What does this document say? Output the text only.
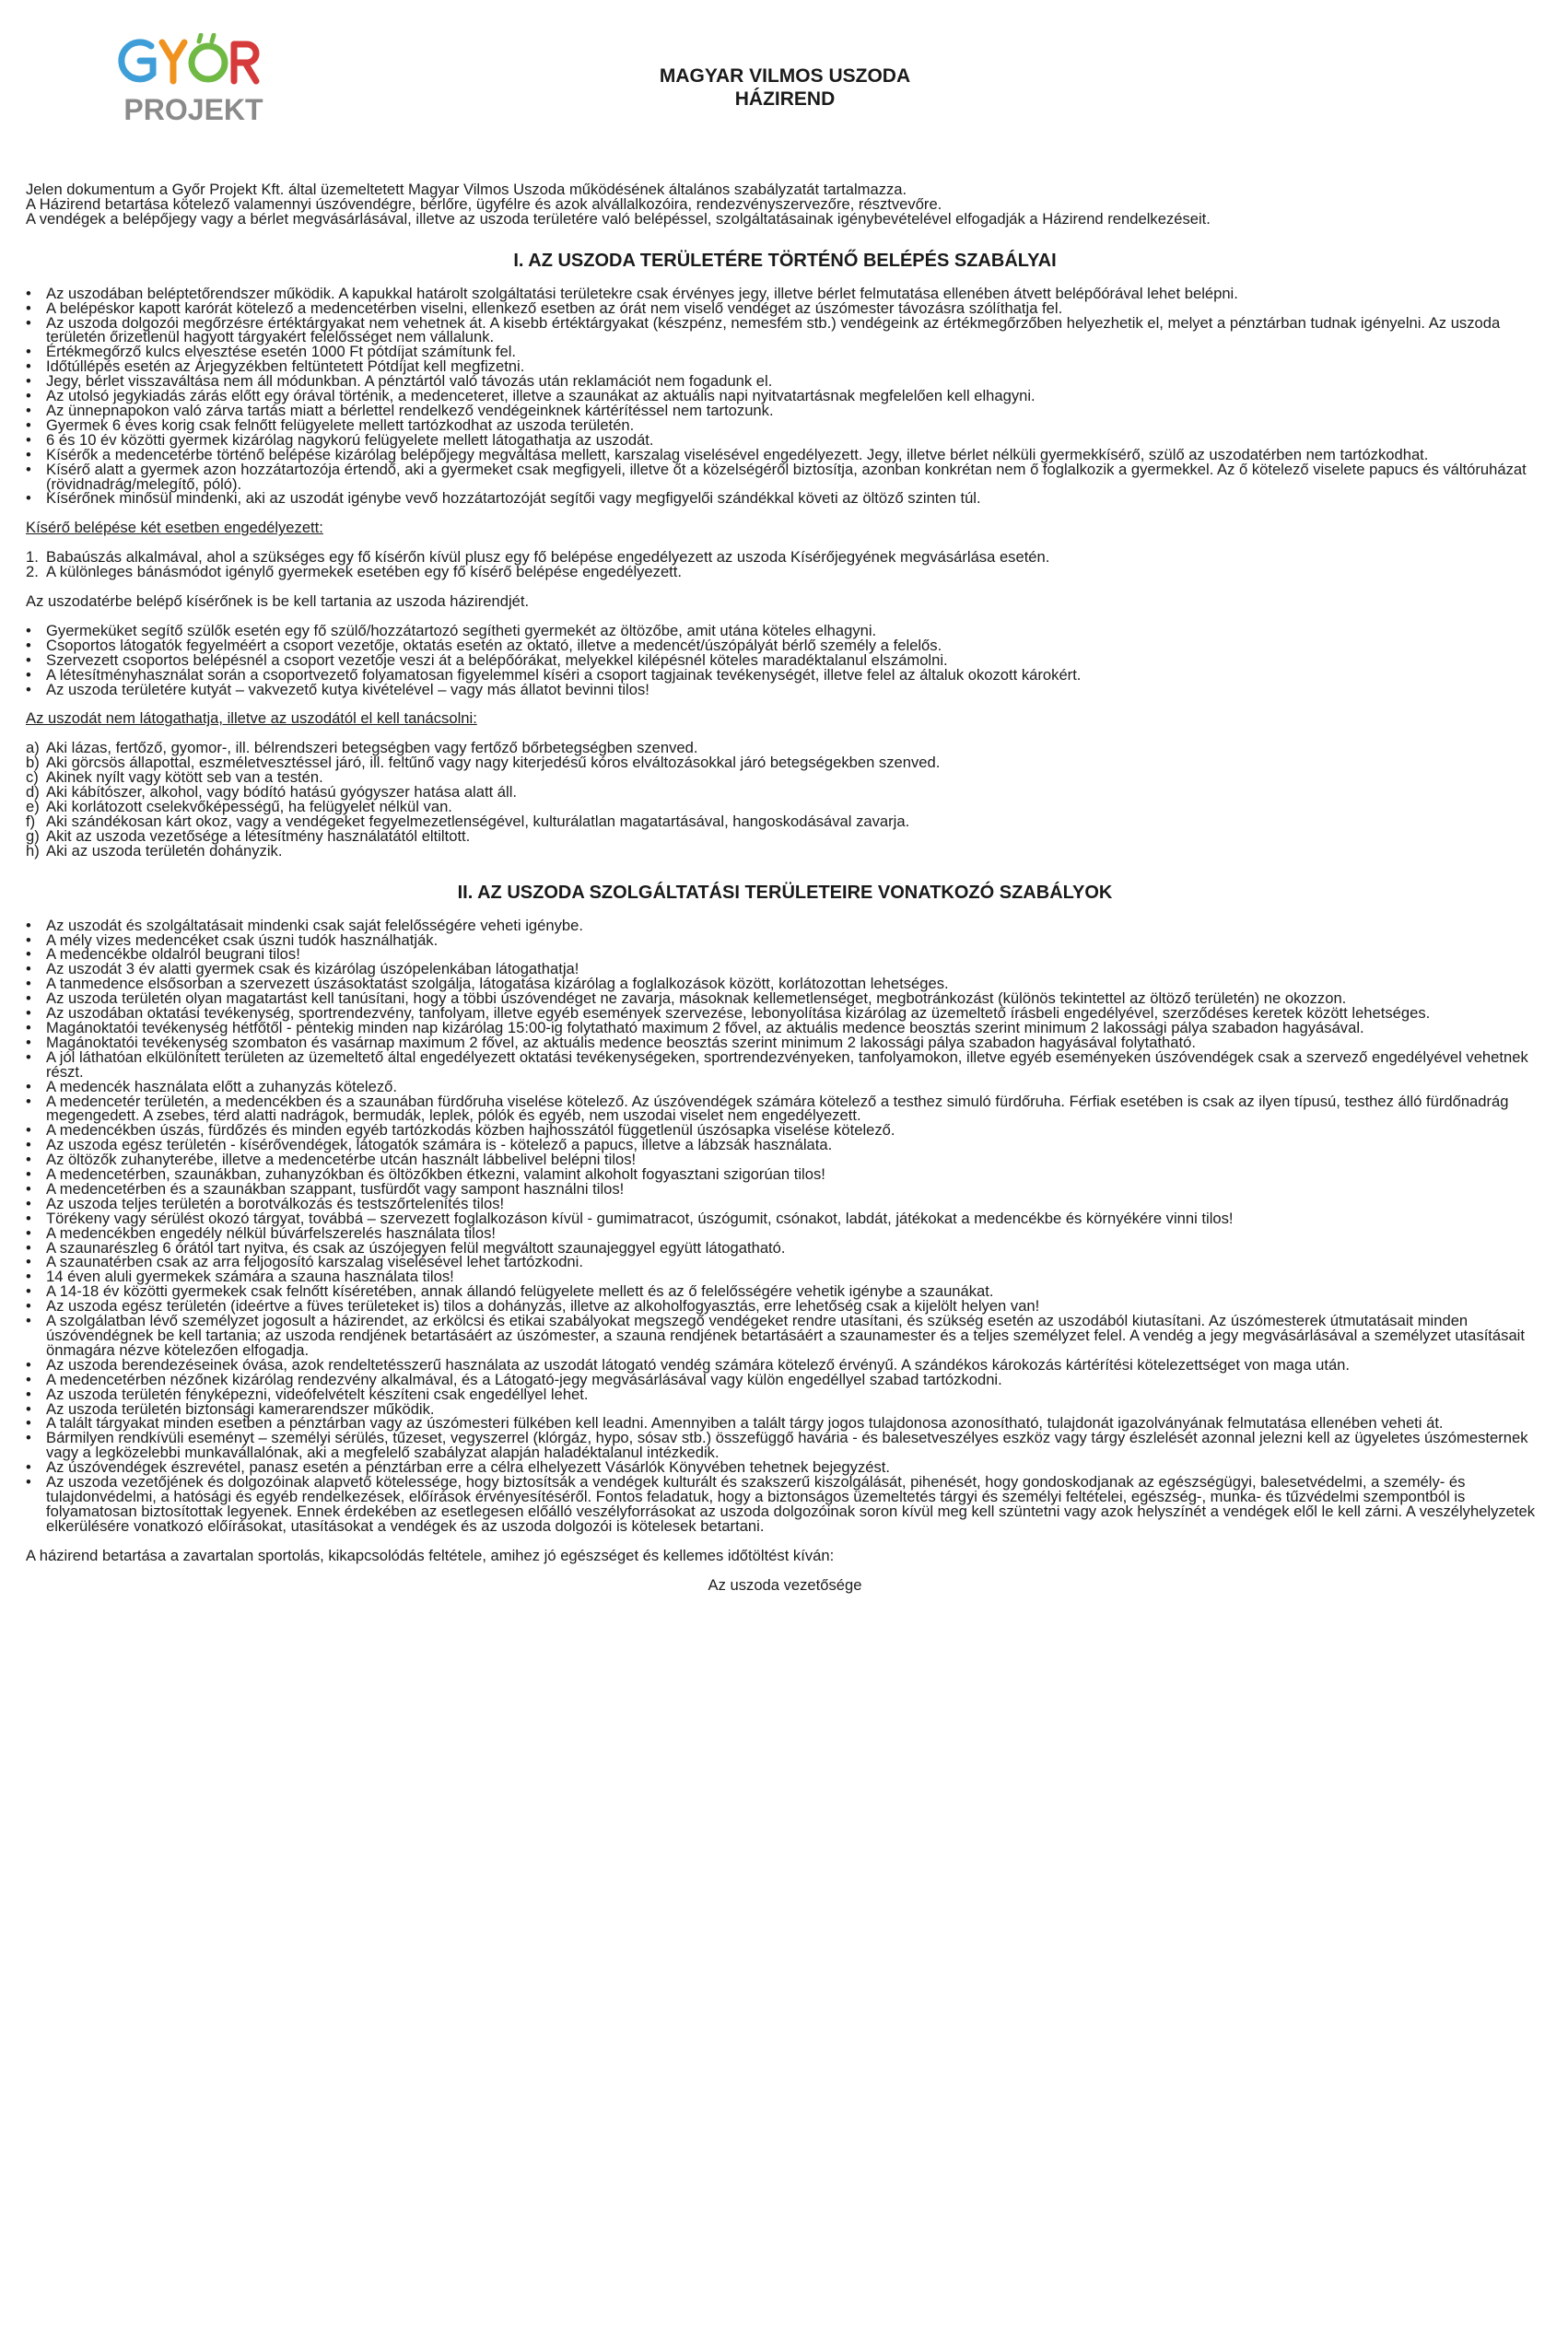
PROJEKT
MAGYAR VILMOS USZODA
HÁZIREND

Jelen dokumentum a Győr Projekt Kft. által üzemeltetett Magyar Vilmos Uszoda működésének általános szabályzatát tartalmazza.

A Házirend betartása kötelező valamennyi úszóvendégre, bérlőre, ügyfélre és azok alvállalkozóira, rendezvényszervezőre, résztvevőre.

A vendégek a belépőjegy vagy a bérlet megvásárlásával, illetve az uszoda területére való belépéssel, szolgáltatásainak igénybevételével elfogadják a Házirend rendelkezéseit.

I. AZ USZODA TERÜLETÉRE TÖRTÉNŐ BELÉPÉS SZABÁLYAI
• Az uszodában beléptetőrendszer működik. A kapukkal határolt szolgáltatási területekre csak érvényes jegy, illetve bérlet felmutatása ellenében átvett belépőórával lehet belépni.
• A belépéskor kapott karórát kötelező a medencetérben viselni, ellenkező esetben az órát nem viselő vendéget az úszómester távozásra szólíthatja fel.
• Az uszoda dolgozói megőrzésre értéktárgyakat nem vehetnek át. A kisebb értéktárgyakat (készpénz, nemesfém stb.) vendégeink az értékmegőrzőben helyezhetik el, melyet a pénztárban tudnak igényelni. Az uszoda területén őrizetlenül hagyott tárgyakért felelősséget nem vállalunk.
• Értékmegőrző kulcs elvesztése esetén 1000 Ft pótdíjat számítunk fel.
• Időtúllépés esetén az Árjegyzékben feltüntetett Pótdíjat kell megfizetni.
• Jegy, bérlet visszaváltása nem áll módunkban. A pénztártól való távozás után reklamációt nem fogadunk el.
• Az utolsó jegykiadás zárás előtt egy órával történik, a medenceteret, illetve a szaunákat az aktuális napi nyitvatartásnak megfelelően kell elhagyni.
• Az ünnepnapokon való zárva tartás miatt a bérlettel rendelkező vendégeinknek kártérítéssel nem tartozunk.
• Gyermek 6 éves korig csak felnőtt felügyelete mellett tartózkodhat az uszoda területén.
• 6 és 10 év közötti gyermek kizárólag nagykorú felügyelete mellett látogathatja az uszodát.
• Kísérők a medencetérbe történő belépése kizárólag belépőjegy megváltása mellett, karszalag viselésével engedélyezett. Jegy, illetve bérlet nélküli gyermekkísérő, szülő az uszodatérben nem tartózkodhat.
• Kísérő alatt a gyermek azon hozzátartozója értendő, aki a gyermeket csak megfigyeli, illetve őt a közelségéről biztosítja, azonban konkrétan nem ő foglalkozik a gyermekkel. Az ő kötelező viselete papucs és váltóruházat (rövidnadrág/melegítő, póló).
• Kísérőnek minősül mindenki, aki az uszodát igénybe vevő hozzátartozóját segítői vagy megfigyelői szándékkal követi az öltöző szinten túl.

Kísérő belépése két esetben engedélyezett:

1. Babaúszás alkalmával, ahol a szükséges egy fő kísérőn kívül plusz egy fő belépése engedélyezett az uszoda Kísérőjegyének megvásárlása esetén.
2. A különleges bánásmódot igénylő gyermekek esetében egy fő kísérő belépése engedélyezett.

Az uszodatérbe belépő kísérőnek is be kell tartania az uszoda házirendjét.

• Gyermeküket segítő szülők esetén egy fő szülő/hozzátartozó segítheti gyermekét az öltözőbe, amit utána köteles elhagyni.
• Csoportos látogatók fegyelméért a csoport vezetője, oktatás esetén az oktató, illetve a medencét/úszópályát bérlő személy a felelős.
• Szervezett csoportos belépésnél a csoport vezetője veszi át a belépőórákat, melyekkel kilépésnél köteles maradéktalanul elszámolni.
• A létesítményhasználat során a csoportvezető folyamatosan figyelemmel kíséri a csoport tagjainak tevékenységét, illetve felel az általuk okozott károkért.
• Az uszoda területére kutyát – vakvezető kutya kivételével – vagy más állatot bevinni tilos!

Az uszodát nem látogathatja, illetve az uszodától el kell tanácsolni:

a) Aki lázas, fertőző, gyomor-, ill. bélrendszeri betegségben vagy fertőző bőrbetegségben szenved.
b) Aki görcsös állapottal, eszméletvesztéssel járó, ill. feltűnő vagy nagy kiterjedésű kóros elváltozásokkal járó betegségekben szenved.
c) Akinek nyílt vagy kötött seb van a testén.
d) Aki kábítószer, alkohol, vagy bódító hatású gyógyszer hatása alatt áll.
e) Aki korlátozott cselekvőképességű, ha felügyelet nélkül van.
f) Aki szándékosan kárt okoz, vagy a vendégeket fegyelmezetlenségével, kulturálatlan magatartásával, hangoskodásával zavarja.
g) Akit az uszoda vezetősége a létesítmény használatától eltiltott.
h) Aki az uszoda területén dohányzik.
II. AZ USZODA SZOLGÁLTATÁSI TERÜLETEIRE VONATKOZÓ SZABÁLYOK
• Az uszodát és szolgáltatásait mindenki csak saját felelősségére veheti igénybe.
• A mély vizes medencéket csak úszni tudók használhatják.
• A medencékbe oldalról beugrani tilos!
• Az uszodát 3 év alatti gyermek csak és kizárólag úszópelenkában látogathatja!
• A tanmedence elsősorban a szervezett úszásoktatást szolgálja, látogatása kizárólag a foglalkozások között, korlátozottan lehetséges.
• Az uszoda területén olyan magatartást kell tanúsítani, hogy a többi úszóvendéget ne zavarja, másoknak kellemetlenséget, megbotránkozást (különös tekintettel az öltöző területén) ne okozzon.
• Az uszodában oktatási tevékenység, sportrendezvény, tanfolyam, illetve egyéb események szervezése, lebonyolítása kizárólag az üzemeltető írásbeli engedélyével, szerződéses keretek között lehetséges.
• Magánoktatói tevékenység hétfőtől - péntekig minden nap kizárólag 15:00-ig folytatható maximum 2 fővel, az aktuális medence beosztás szerint minimum 2 lakossági pálya szabadon hagyásával.
• Magánoktatói tevékenység szombaton és vasárnap maximum 2 fővel, az aktuális medence beosztás szerint minimum 2 lakossági pálya szabadon hagyásával folytatható.
• A jól láthatóan elkülönített területen az üzemeltető által engedélyezett oktatási tevékenységeken, sportrendezvényeken, tanfolyamokon, illetve egyéb eseményeken úszóvendégek csak a szervező engedélyével vehetnek részt.
• A medencék használata előtt a zuhanyzás kötelező.
• A medencetér területén, a medencékben és a szaunában fürdőruha viselése kötelező. Az úszóvendégek számára kötelező a testhez simuló fürdőruha. Férfiak esetében is csak az ilyen típusú, testhez álló fürdőnadrág megengedett. A zsebes, térd alatti nadrágok, bermudák, leplek, pólók és egyéb, nem uszodai viselet nem engedélyezett.
• A medencékben úszás, fürdőzés és minden egyéb tartózkodás közben hajhosszától függetlenül úszósapka viselése kötelező.
• Az uszoda egész területén - kísérővendégek, látogatók számára is - kötelező a papucs, illetve a lábzsák használata.
• Az öltözők zuhanyterébe, illetve a medencetérbe utcán használt lábbelivel belépni tilos!
• A medencetérben, szaunákban, zuhanyzókban és öltözőkben étkezni, valamint alkoholt fogyasztani szigorúan tilos!
• A medencetérben és a szaunákban szappant, tusfürdőt vagy sampont használni tilos!
• Az uszoda teljes területén a borotválkozás és testszőrtelenítés tilos!
• Törékeny vagy sérülést okozó tárgyat, továbbá – szervezett foglalkozáson kívül - gumimatracot, úszógumit, csónakot, labdát, játékokat a medencékbe és környékére vinni tilos!
• A medencékben engedély nélkül búvárfelszerelés használata tilos!
• A szaunarészleg 6 órától tart nyitva, és csak az úszójegyen felül megváltott szaunajeggyel együtt látogatható.
• A szaunatérben csak az arra feljogosító karszalag viselésével lehet tartózkodni.
• 14 éven aluli gyermekek számára a szauna használata tilos!
• A 14-18 év közötti gyermekek csak felnőtt kíséretében, annak állandó felügyelete mellett és az ő felelősségére vehetik igénybe a szaunákat.
• Az uszoda egész területén (ideértve a füves területeket is) tilos a dohányzás, illetve az alkoholfogyasztás, erre lehetőség csak a kijelölt helyen van!
• A szolgálatban lévő személyzet jogosult a házirendet, az erkölcsi és etikai szabályokat megszegő vendégeket rendre utasítani, és szükség esetén az uszodából kiutasítani. Az úszómesterek útmutatásait minden úszóvendégnek be kell tartania; az uszoda rendjének betartásáért az úszómester, a szauna rendjének betartásáért a szaunamester és a teljes személyzet felel. A vendég a jegy megvásárlásával a személyzet utasításait önmagára nézve kötelezően elfogadja.
• Az uszoda berendezéseinek óvása, azok rendeltetésszerű használata az uszodát látogató vendég számára kötelező érvényű. A szándékos károkozás kártérítési kötelezettséget von maga után.
• A medencetérben nézőnek kizárólag rendezvény alkalmával, és a Látogató-jegy megvásárlásával vagy külön engedéllyel szabad tartózkodni.
• Az uszoda területén fényképezni, videófelvételt készíteni csak engedéllyel lehet.
• Az uszoda területén biztonsági kamerarendszer működik.
• A talált tárgyakat minden esetben a pénztárban vagy az úszómesteri fülkében kell leadni. Amennyiben a talált tárgy jogos tulajdonosa azonosítható, tulajdonát igazolványának felmutatása ellenében veheti át.
• Bármilyen rendkívüli eseményt – személyi sérülés, tűzeset, vegyszerrel (klórgáz, hypo, sósav stb.) összefüggő havária - és balesetveszélyes eszköz vagy tárgy észlelését azonnal jelezni kell az ügyeletes úszómesternek vagy a legközelebbi munkavállalónak, aki a megfelelő szabályzat alapján haladéktalanul intézkedik.
• Az úszóvendégek észrevétel, panasz esetén a pénztárban erre a célra elhelyezett Vásárlók Könyvében tehetnek bejegyzést.
• Az uszoda vezetőjének és dolgozóinak alapvető kötelessége, hogy biztosítsák a vendégek kulturált és szakszerű kiszolgálását, pihenését, hogy gondoskodjanak az egészségügyi, balesetvédelmi, a személy- és tulajdonvédelmi, a hatósági és egyéb rendelkezések, előírások érvényesítéséről. Fontos feladatuk, hogy a biztonságos üzemeltetés tárgyi és személyi feltételei, egészség-, munka- és tűzvédelmi szempontból is folyamatosan biztosítottak legyenek. Ennek érdekében az esetlegesen előálló veszélyforrásokat az uszoda dolgozóinak soron kívül meg kell szüntetni vagy azok helyszínét a vendégek elől le kell zárni. A veszélyhelyzetek elkerülésére vonatkozó előírásokat, utasításokat a vendégek és az uszoda dolgozói is kötelesek betartani.

A házirend betartása a zavartalan sportolás, kikapcsolódás feltétele, amihez jó egészséget és kellemes időtöltést kíván:

Az uszoda vezetősége
